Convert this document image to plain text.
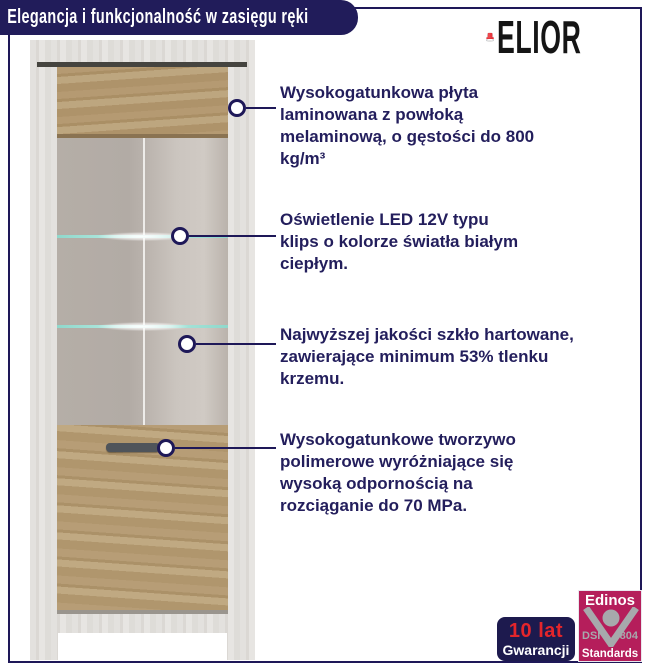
Elegancja i funkcjonalność w zasięgu ręki	ELIOR
Wysokogatunkowa płyta
laminowana z powłoką
melaminową, o gęstości do 800
kg/m³
Oświetlenie LED 12V typu
klips o kolorze światła białym
ciepłym.
Najwyższej jakości szkło hartowane,
zawierające minimum 53% tlenku
krzemu.
Wysokogatunkowe tworzywo
polimerowe wyróżniające się
wysoką odpornością na
rozciąganie do 70 MPa.
10 lat
Gwarancji
Edinos
DSI 804
Standards
